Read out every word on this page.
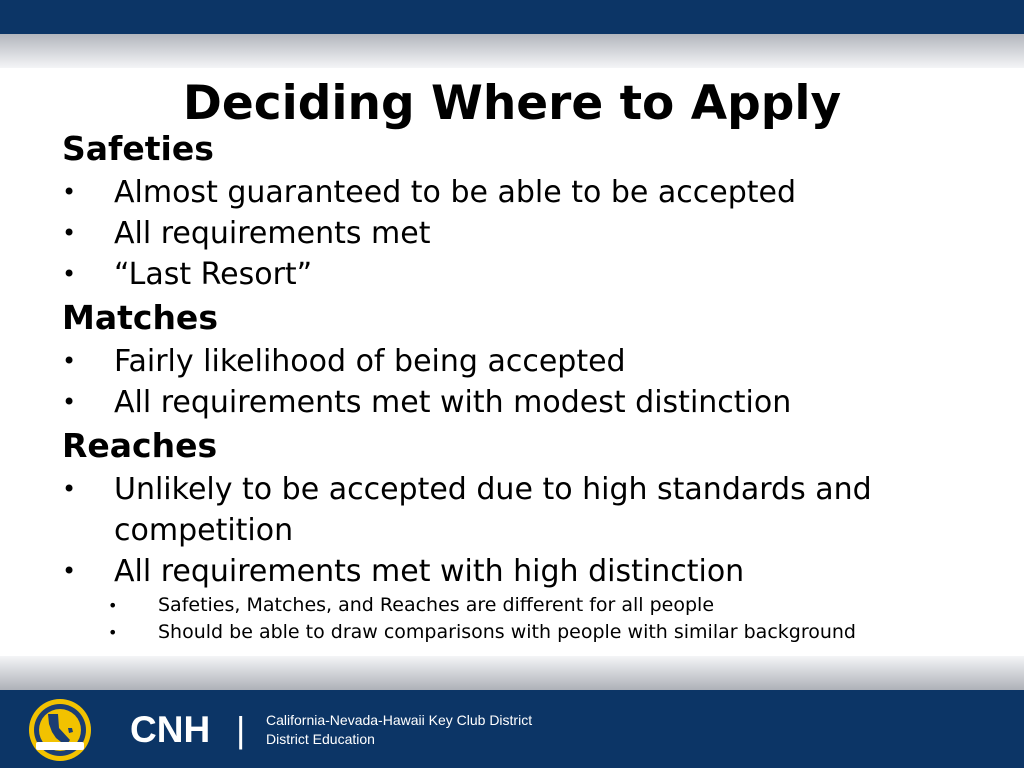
Deciding Where to Apply
Safeties
• Almost guaranteed to be able to be accepted
• All requirements met
• “Last Resort”
Matches
• Fairly likelihood of being accepted
• All requirements met with modest distinction
Reaches
• Unlikely to be accepted due to high standards and competition
• All requirements met with high distinction
• Safeties, Matches, and Reaches are different for all people
• Should be able to draw comparisons with people with similar background
CNH | California-Nevada-Hawaii Key Club District
District Education
